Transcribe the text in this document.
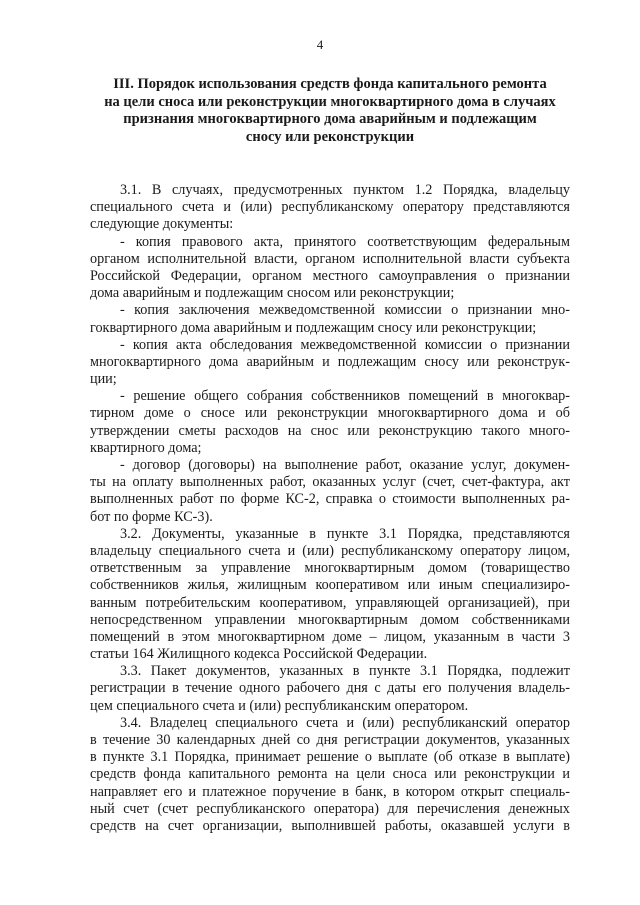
4
III. Порядок использования средств фонда капитального ремонта
на цели сноса или реконструкции многоквартирного дома в случаях
признания многоквартирного дома аварийным и подлежащим
сносу или реконструкции
3.1. В случаях, предусмотренных пунктом 1.2 Порядка, владельцу
специального счета и (или) республиканскому оператору представляются
следующие документы:
- копия правового акта, принятого соответствующим федеральным
органом исполнительной власти, органом исполнительной власти субъекта
Российской Федерации, органом местного самоуправления о признании
дома аварийным и подлежащим сносом или реконструкции;
- копия заключения межведомственной комиссии о признании мно-
гоквартирного дома аварийным и подлежащим сносу или реконструкции;
- копия акта обследования межведомственной комиссии о признании
многоквартирного дома аварийным и подлежащим сносу или реконструк-
ции;
- решение общего собрания собственников помещений в многоквар-
тирном доме о сносе или реконструкции многоквартирного дома и об
утверждении сметы расходов на снос или реконструкцию такого много-
квартирного дома;
- договор (договоры) на выполнение работ, оказание услуг, докумен-
ты на оплату выполненных работ, оказанных услуг (счет, счет-фактура, акт
выполненных работ по форме КС-2, справка о стоимости выполненных ра-
бот по форме КС-3).
3.2. Документы, указанные в пункте 3.1 Порядка, представляются
владельцу специального счета и (или) республиканскому оператору лицом,
ответственным за управление многоквартирным домом (товарищество
собственников жилья, жилищным кооперативом или иным специализиро-
ванным потребительским кооперативом, управляющей организацией), при
непосредственном управлении многоквартирным домом собственниками
помещений в этом многоквартирном доме – лицом, указанным в части 3
статьи 164 Жилищного кодекса Российской Федерации.
3.3. Пакет документов, указанных в пункте 3.1 Порядка, подлежит
регистрации в течение одного рабочего дня с даты его получения владель-
цем специального счета и (или) республиканским оператором.
3.4. Владелец специального счета и (или) республиканский оператор
в течение 30 календарных дней со дня регистрации документов, указанных
в пункте 3.1 Порядка, принимает решение о выплате (об отказе в выплате)
средств фонда капитального ремонта на цели сноса или реконструкции и
направляет его и платежное поручение в банк, в котором открыт специаль-
ный счет (счет республиканского оператора) для перечисления денежных
средств на счет организации, выполнившей работы, оказавшей услуги в
